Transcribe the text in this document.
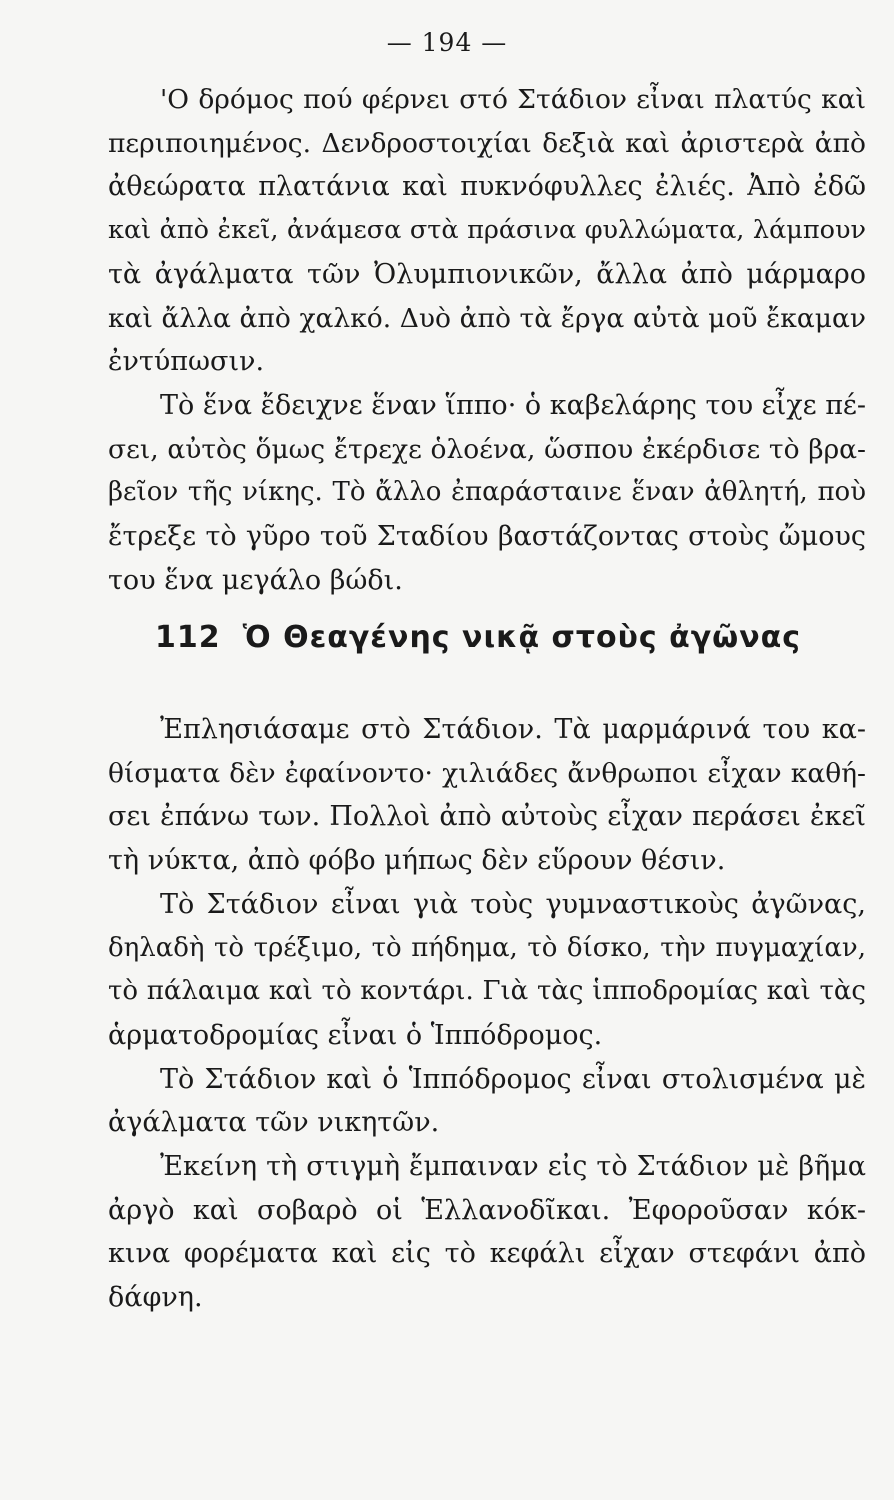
— 194 —
'Ο δρόμος πού φέρνει στό Στάδιον εἶναι πλατύς καὶ
περιποιημένος. Δενδροστοιχίαι δεξιὰ καὶ ἀριστερὰ ἀπὸ
ἀθεώρατα πλατάνια καὶ πυκνόφυλλες ἐλιές. Ἀπὸ ἐδῶ
καὶ ἀπὸ ἐκεῖ, ἀνάμεσα στὰ πράσινα φυλλώματα, λάμπουν
τὰ ἀγάλματα τῶν Ὀλυμπιονικῶν, ἄλλα ἀπὸ μάρμαρο
καὶ ἄλλα ἀπὸ χαλκό. Δυὸ ἀπὸ τὰ ἔργα αὐτὰ μοῦ ἔκαμαν
ἐντύπωσιν.
Τὸ ἕνα ἔδειχνε ἕναν ἵππο· ὁ καβελάρης του εἶχε πέ-
σει, αὐτὸς ὅμως ἔτρεχε ὁλοένα, ὥσπου ἐκέρδισε τὸ βρα-
βεῖον τῆς νίκης. Τὸ ἄλλο ἐπαράσταινε ἕναν ἀθλητή, ποὺ
ἔτρεξε τὸ γῦρο τοῦ Σταδίου βαστάζοντας στοὺς ὤμους
του ἕνα μεγάλο βώδι.
112 Ὁ Θεαγένης νικᾷ στοὺς ἀγῶνας
Ἐπλησιάσαμε στὸ Στάδιον. Τὰ μαρμάρινά του κα-
θίσματα δὲν ἐφαίνοντο· χιλιάδες ἄνθρωποι εἶχαν καθή-
σει ἐπάνω των. Πολλοὶ ἀπὸ αὐτοὺς εἶχαν περάσει ἐκεῖ
τὴ νύκτα, ἀπὸ φόβο μήπως δὲν εὕρουν θέσιν.
Τὸ Στάδιον εἶναι γιὰ τοὺς γυμναστικοὺς ἀγῶνας,
δηλαδὴ τὸ τρέξιμο, τὸ πήδημα, τὸ δίσκο, τὴν πυγμαχίαν,
τὸ πάλαιμα καὶ τὸ κοντάρι. Γιὰ τὰς ἱπποδρομίας καὶ τὰς
ἁρματοδρομίας εἶναι ὁ Ἱππόδρομος.
Τὸ Στάδιον καὶ ὁ Ἱππόδρομος εἶναι στολισμένα μὲ
ἀγάλματα τῶν νικητῶν.
Ἐκείνη τὴ στιγμὴ ἔμπαιναν εἰς τὸ Στάδιον μὲ βῆμα
ἀργὸ καὶ σοβαρὸ οἱ Ἑλλανοδῖκαι. Ἐφοροῦσαν κόκ-
κινα φορέματα καὶ εἰς τὸ κεφάλι εἶχαν στεφάνι ἀπὸ
δάφνη.
